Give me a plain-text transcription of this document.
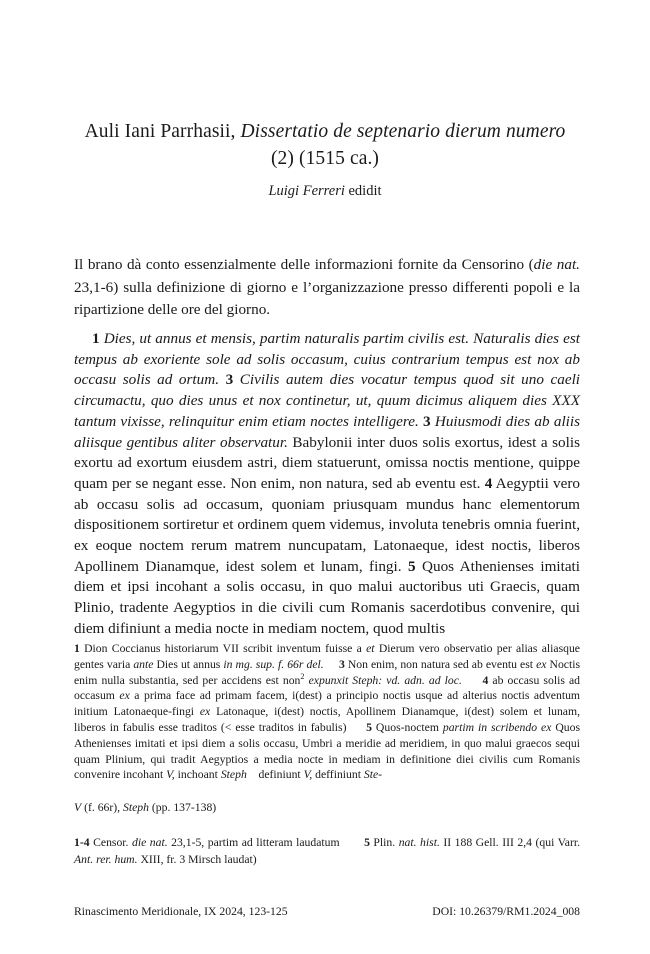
Auli Iani Parrhasii, Dissertatio de septenario dierum numero
(2) (1515 ca.)
Luigi Ferreri edidit
Il brano dà conto essenzialmente delle informazioni fornite da Censorino (die nat. 23,1-6) sulla definizione di giorno e l’organizzazione presso differenti popoli e la ripartizione delle ore del giorno.
1 Dies, ut annus et mensis, partim naturalis partim civilis est. Naturalis dies est tempus ab exoriente sole ad solis occasum, cuius contrarium tempus est nox ab occasu solis ad ortum. 3 Civilis autem dies vocatur tempus quod sit uno caeli circumactu, quo dies unus et nox continetur, ut, quum dicimus aliquem dies XXX tantum vixisse, relinquitur enim etiam noctes intelligere. 3 Huiusmodi dies ab aliis aliisque gentibus aliter observatur. Babylonii inter duos solis exortus, idest a solis exortu ad exortum eiusdem astri, diem statuerunt, omissa noctis mentione, quippe quam per se negant esse. Non enim, non natura, sed ab eventu est. 4 Aegyptii vero ab occasu solis ad occasum, quoniam priusquam mundus hanc elementorum dispositionem sortiretur et ordinem quem videmus, involuta tenebris omnia fuerint, ex eoque noctem rerum matrem nuncupatam, Latonaeque, idest noctis, liberos Apollinem Dianamque, idest solem et lunam, fingi. 5 Quos Athenienses imitati diem et ipsi incohant a solis occasu, in quo malui auctoribus uti Graecis, quam Plinio, tradente Aegyptios in die civili cum Romanis sacerdotibus convenire, qui diem difiniunt a media nocte in mediam noctem, quod multis
1 Dion Coccianus historiarum VII scribit inventum fuisse a et Dierum vero observatio per alias aliasque gentes varia ante Dies ut annus in mg. sup. f. 66r del. 3 Non enim, non natura sed ab eventu est ex Noctis enim nulla substantia, sed per accidens est non$^2$ expunxit Steph: vd. adn. ad loc. 4 ab occasu solis ad occasum ex a prima face ad primam facem, i(dest) a principio noctis usque ad alterius noctis adventum initium Latonaeque-fingi ex Latonaque, i(dest) noctis, Apollinem Dianamque, i(dest) solem et lunam, liberos in fabulis esse traditos (< esse traditos in fabulis) 5 Quos-noctem partim in scribendo ex Quos Athenienses imitati et ipsi diem a solis occasu, Umbri a meridie ad meridiem, in quo malui graecos sequi quam Plinium, qui tradit Aegyptios a media nocte in mediam in definitione diei civilis cum Romanis convenire incohant V, inchoant Steph    definiunt V, deffiniunt Ste-
V (f. 66r), Steph (pp. 137-138)
1-4 Censor. die nat. 23,1-5, partim ad litteram laudatum 5 Plin. nat. hist. II 188 Gell. III 2,4 (qui Varr. Ant. rer. hum. XIII, fr. 3 Mirsch laudat)
Rinascimento Meridionale, IX 2024, 123-125	DOI: 10.26379/RM1.2024_008
